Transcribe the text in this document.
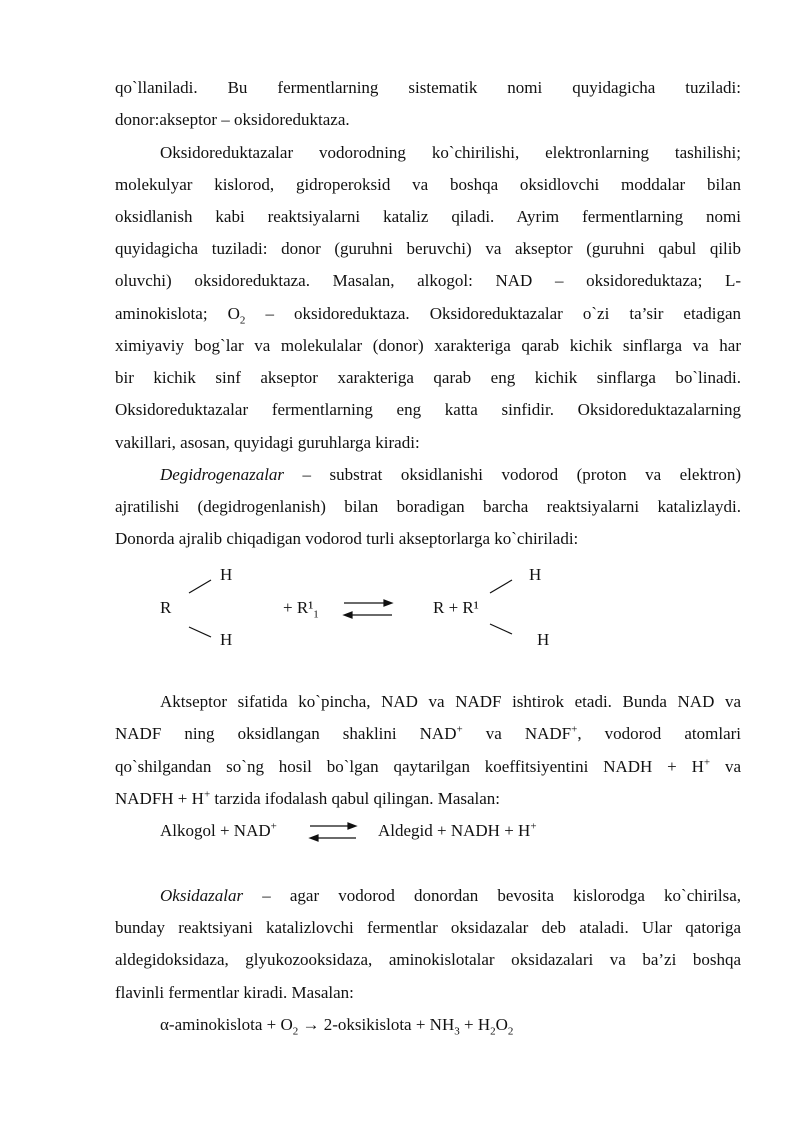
qo`llaniladi. Bu fermentlarning sistematik nomi quyidagicha tuziladi:
donor:akseptor – oksidoreduktaza.
Oksidoreduktazalar vodorodning ko`chirilishi, elektronlarning tashilishi;
molekulyar kislorod, gidroperoksid va boshqa oksidlovchi moddalar bilan
oksidlanish kabi reaktsiyalarni kataliz qiladi. Ayrim fermentlarning nomi
quyidagicha tuziladi: donor (guruhni beruvchi) va akseptor (guruhni qabul qilib
oluvchi) oksidoreduktaza. Masalan, alkogol: NAD – oksidoreduktaza; L-
aminokislota; $O_2$ – oksidoreduktaza. Oksidoreduktazalar o`zi ta’sir etadigan
ximiyaviy bog`lar va molekulalar (donor) xarakteriga qarab kichik sinflarga va har
bir kichik sinf akseptor xarakteriga qarab eng kichik sinflarga bo`linadi.
Oksidoreduktazalar fermentlarning eng katta sinfidir. Oksidoreduktazalarning
vakillari, asosan, quyidagi guruhlarga kiradi:
Degidrogenazalar – substrat oksidlanishi vodorod (proton va elektron)
ajratilishi (degidrogenlanish) bilan boradigan barcha reaktsiyalarni katalizlaydi.
Donorda ajralib chiqadigan vodorod turli akseptorlarga ko`chiriladi:
H
R
H
+ $R^1_1$	R + R¹
H
H
Aktseptor sifatida ko`pincha, NAD va NADF ishtirok etadi. Bunda NAD va
NADF ning oksidlangan shaklini NAD+ va NADF+, vodorod atomlari
qo`shilgandan so`ng hosil bo`lgan qaytarilgan koeffitsiyentini NADH + H+ va
NADFH + H+ tarzida ifodalash qabul qilingan. Masalan:
Alkogol + NAD+	Aldegid + NADH + H+
Oksidazalar – agar vodorod donordan bevosita kislorodga ko`chirilsa,
bunday reaktsiyani katalizlovchi fermentlar oksidazalar deb ataladi. Ular qatoriga
aldegidoksidaza, glyukozooksidaza, aminokislotalar oksidazalari va ba’zi boshqa
flavinli fermentlar kiradi. Masalan:
α-aminokislota + $O_2$ → 2-oksikislota + $NH_3 + H_2O_2$
